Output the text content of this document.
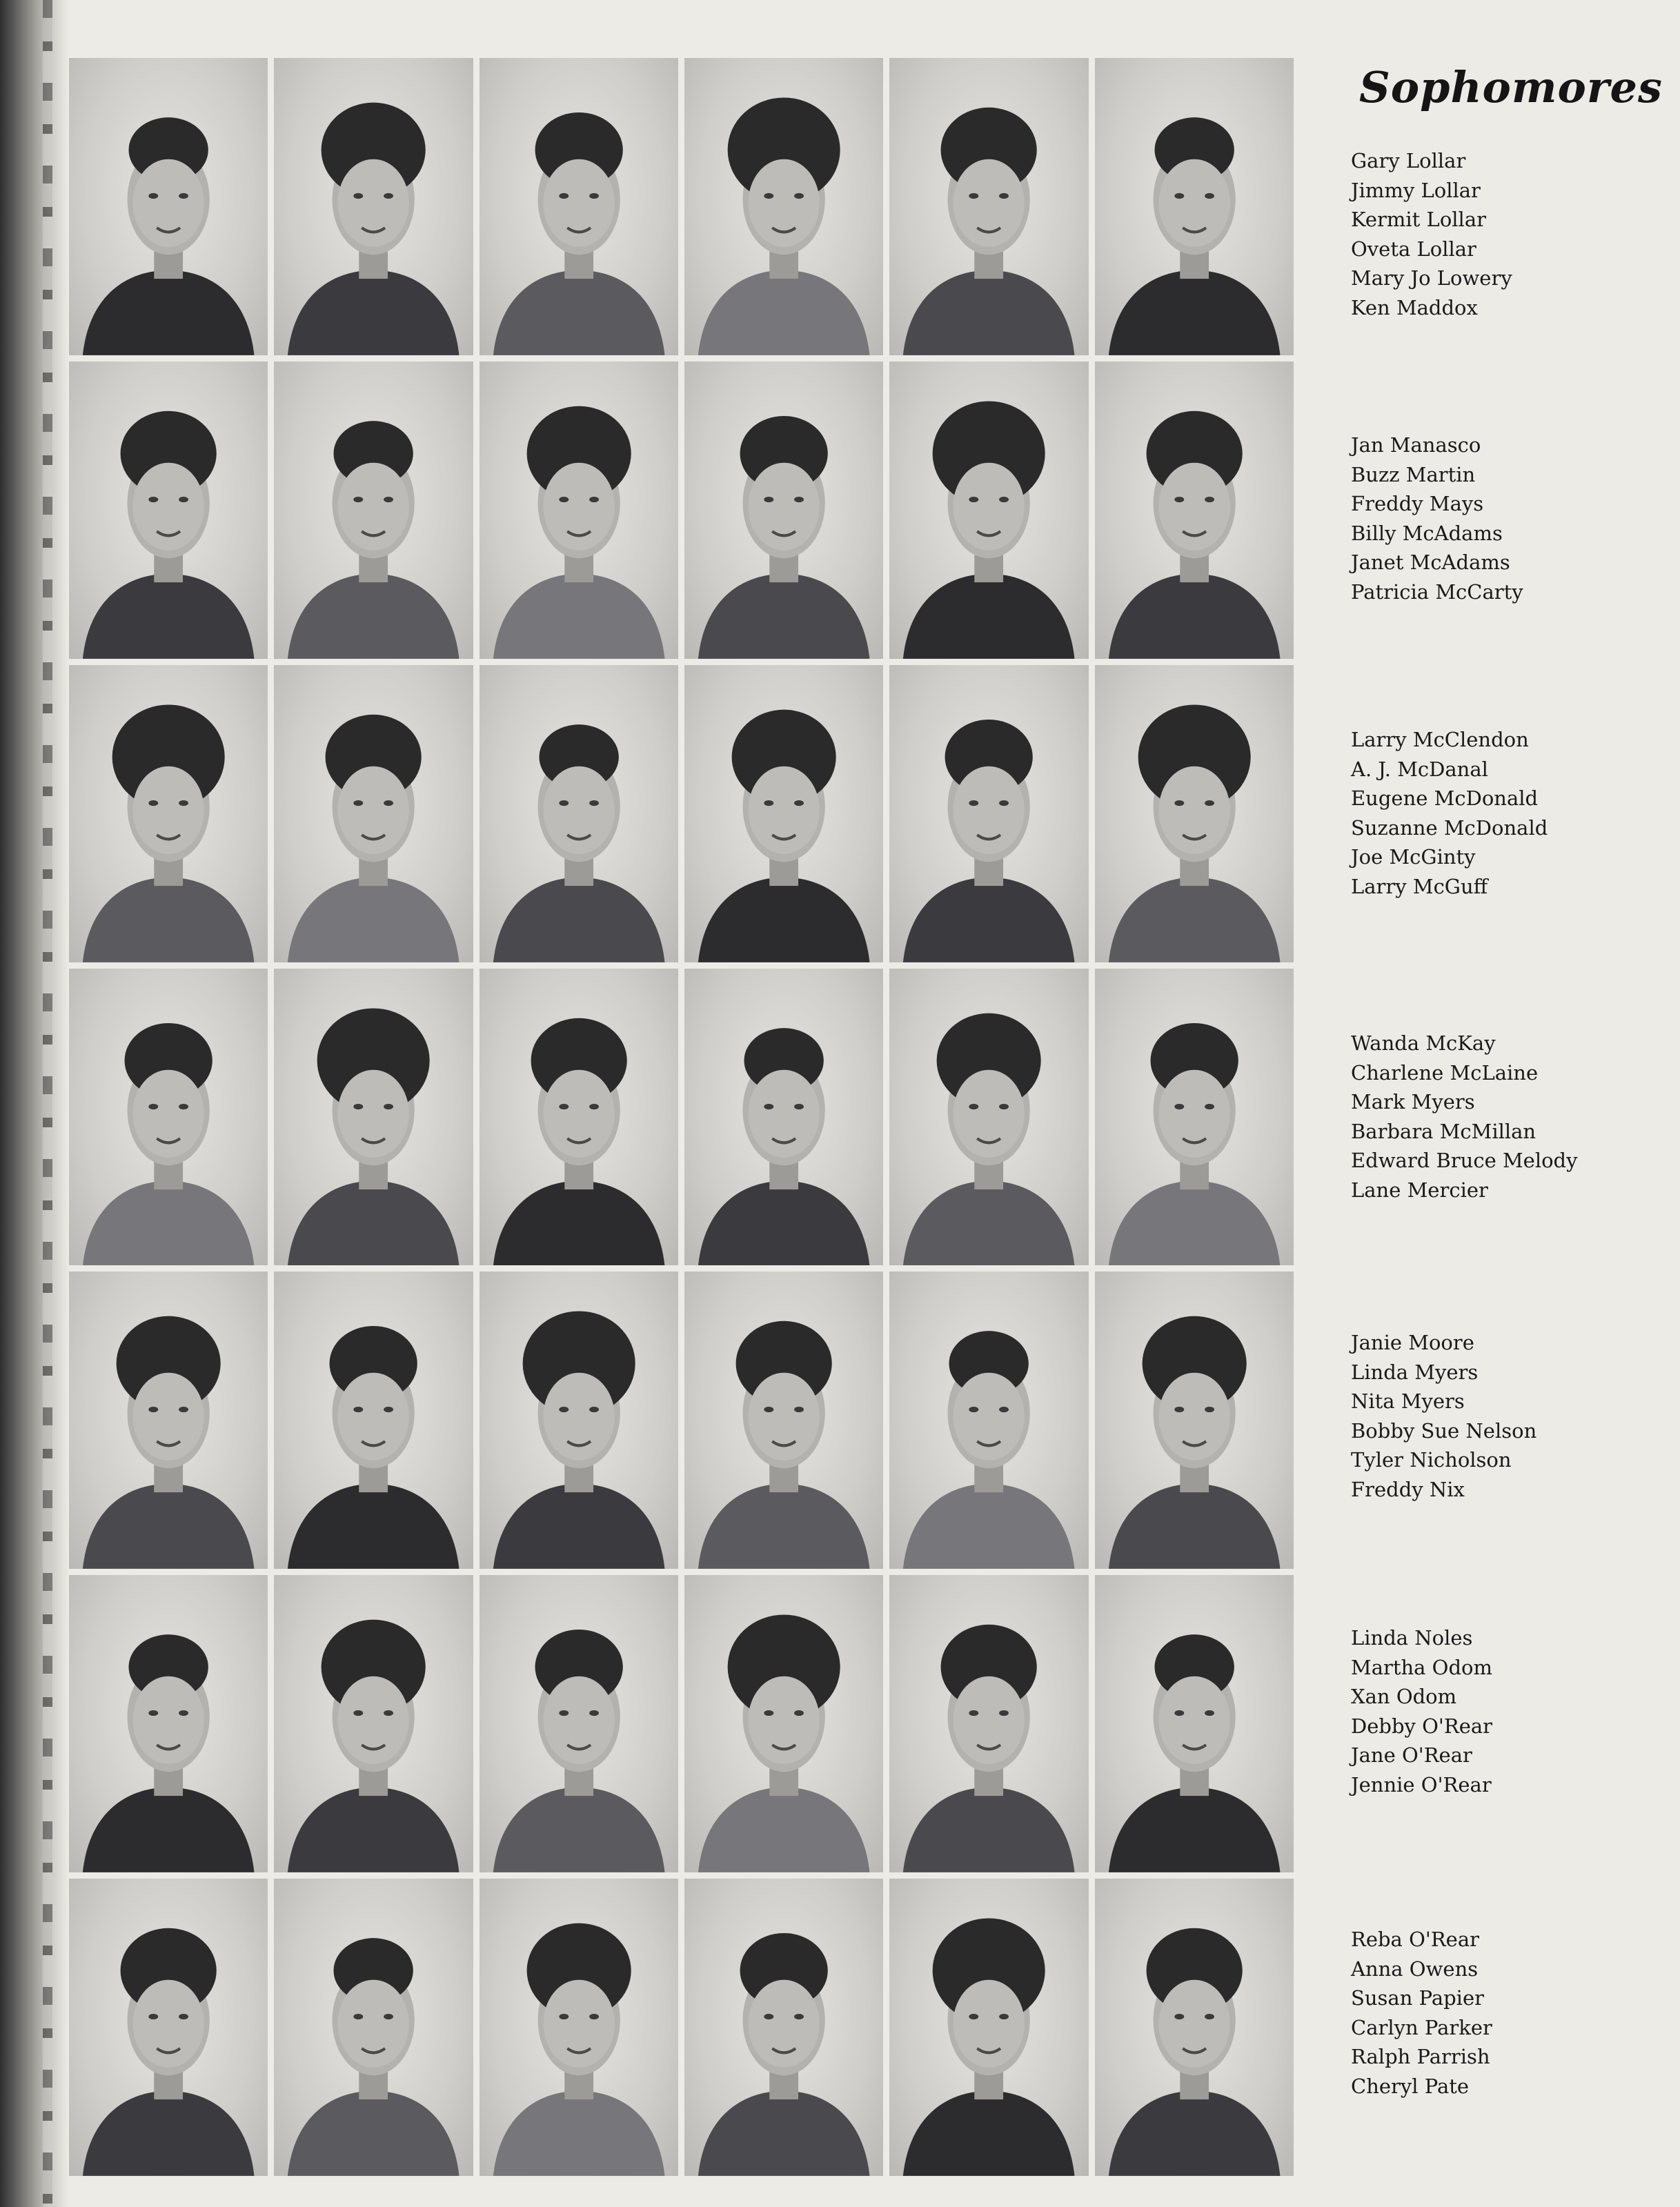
Sophomores
Gary Lollar
Jimmy Lollar
Kermit Lollar
Oveta Lollar
Mary Jo Lowery
Ken Maddox
Jan Manasco
Buzz Martin
Freddy Mays
Billy McAdams
Janet McAdams
Patricia McCarty
Larry McClendon
A. J. McDanal
Eugene McDonald
Suzanne McDonald
Joe McGinty
Larry McGuff
Wanda McKay
Charlene McLaine
Mark Myers
Barbara McMillan
Edward Bruce Melody
Lane Mercier
Janie Moore
Linda Myers
Nita Myers
Bobby Sue Nelson
Tyler Nicholson
Freddy Nix
Linda Noles
Martha Odom
Xan Odom
Debby O'Rear
Jane O'Rear
Jennie O'Rear
Reba O'Rear
Anna Owens
Susan Papier
Carlyn Parker
Ralph Parrish
Cheryl Pate
